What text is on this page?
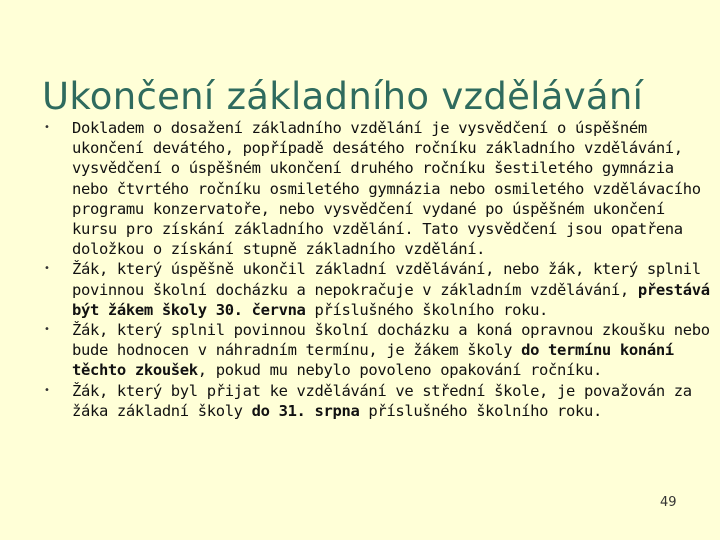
Ukončení základního vzdělávání
• Dokladem o dosažení základního vzdělání je vysvědčení o úspěšném ukončení devátého, popřípadě desátého ročníku základního vzdělávání, vysvědčení o úspěšném ukončení druhého ročníku šestiletého gymnázia nebo čtvrtého ročníku osmiletého gymnázia nebo osmiletého vzdělávacího programu konzervatoře, nebo vysvědčení vydané po úspěšném ukončení kursu pro získání základního vzdělání. Tato vysvědčení jsou opatřena doložkou o získání stupně základního vzdělání.
• Žák, který úspěšně ukončil základní vzdělávání, nebo žák, který splnil povinnou školní docházku a nepokračuje v základním vzdělávání, přestává být žákem školy 30. června příslušného školního roku.
• Žák, který splnil povinnou školní docházku a koná opravnou zkoušku nebo bude hodnocen v náhradním termínu, je žákem školy do termínu konání těchto zkoušek, pokud mu nebylo povoleno opakování ročníku.
• Žák, který byl přijat ke vzdělávání ve střední škole, je považován za žáka základní školy do 31. srpna příslušného školního roku.
49
